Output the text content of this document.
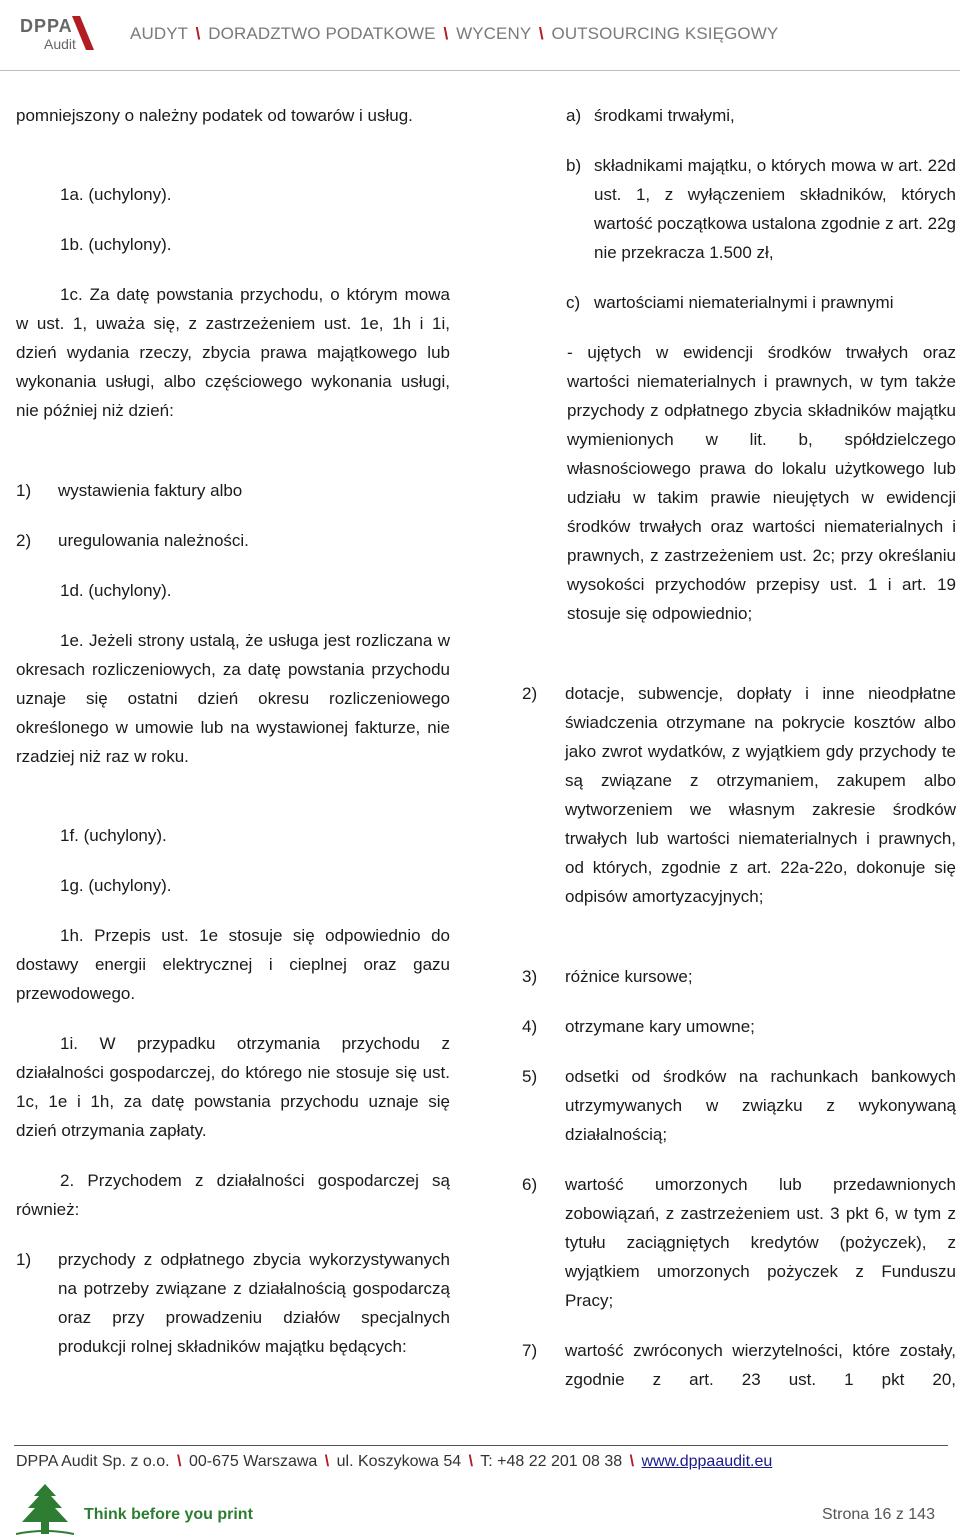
DPPA
Audit
AUDYT \ DORADZTWO PODATKOWE \ WYCENY \ OUTSOURCING KSIĘGOWY

pomniejszony o należny podatek od towarów i usług.

1a. (uchylony).

1b. (uchylony).

1c. Za datę powstania przychodu, o którym mowa w ust. 1, uważa się, z zastrzeżeniem ust. 1e, 1h i 1i, dzień wydania rzeczy, zbycia prawa majątkowego lub wykonania usługi, albo częściowego wykonania usługi, nie później niż dzień:

1) wystawienia faktury albo

2) uregulowania należności.

1d. (uchylony).

1e. Jeżeli strony ustalą, że usługa jest rozliczana w okresach rozliczeniowych, za datę powstania przychodu uznaje się ostatni dzień okresu rozliczeniowego określonego w umowie lub na wystawionej fakturze, nie rzadziej niż raz w roku.

1f. (uchylony).

1g. (uchylony).

1h. Przepis ust. 1e stosuje się odpowiednio do dostawy energii elektrycznej i cieplnej oraz gazu przewodowego.

1i. W przypadku otrzymania przychodu z działalności gospodarczej, do którego nie stosuje się ust. 1c, 1e i 1h, za datę powstania przychodu uznaje się dzień otrzymania zapłaty.

2. Przychodem z działalności gospodarczej są również:

1) przychody z odpłatnego zbycia wykorzystywanych na potrzeby związane z działalnością gospodarczą oraz przy prowadzeniu działów specjalnych produkcji rolnej składników majątku będących:

a) środkami trwałymi,

b) składnikami majątku, o których mowa w art. 22d ust. 1, z wyłączeniem składników, których wartość początkowa ustalona zgodnie z art. 22g nie przekracza 1.500 zł,

c) wartościami niematerialnymi i prawnymi

- ujętych w ewidencji środków trwałych oraz wartości niematerialnych i prawnych, w tym także przychody z odpłatnego zbycia składników majątku wymienionych w lit. b, spółdzielczego własnościowego prawa do lokalu użytkowego lub udziału w takim prawie nieujętych w ewidencji środków trwałych oraz wartości niematerialnych i prawnych, z zastrzeżeniem ust. 2c; przy określaniu wysokości przychodów przepisy ust. 1 i art. 19 stosuje się odpowiednio;

2) dotacje, subwencje, dopłaty i inne nieodpłatne świadczenia otrzymane na pokrycie kosztów albo jako zwrot wydatków, z wyjątkiem gdy przychody te są związane z otrzymaniem, zakupem albo wytworzeniem we własnym zakresie środków trwałych lub wartości niematerialnych i prawnych, od których, zgodnie z art. 22a-22o, dokonuje się odpisów amortyzacyjnych;

3) różnice kursowe;

4) otrzymane kary umowne;

5) odsetki od środków na rachunkach bankowych utrzymywanych w związku z wykonywaną działalnością;

6) wartość umorzonych lub przedawnionych zobowiązań, z zastrzeżeniem ust. 3 pkt 6, w tym z tytułu zaciągniętych kredytów (pożyczek), z wyjątkiem umorzonych pożyczek z Funduszu Pracy;

7) wartość zwróconych wierzytelności, które zostały, zgodnie z art. 23 ust. 1 pkt 20,

DPPA Audit Sp. z o.o. \ 00-675 Warszawa \ ul. Koszykowa 54 \ T: +48 22 201 08 38 \ www.dppaaudit.eu
Think before you print	Strona 16 z 143
